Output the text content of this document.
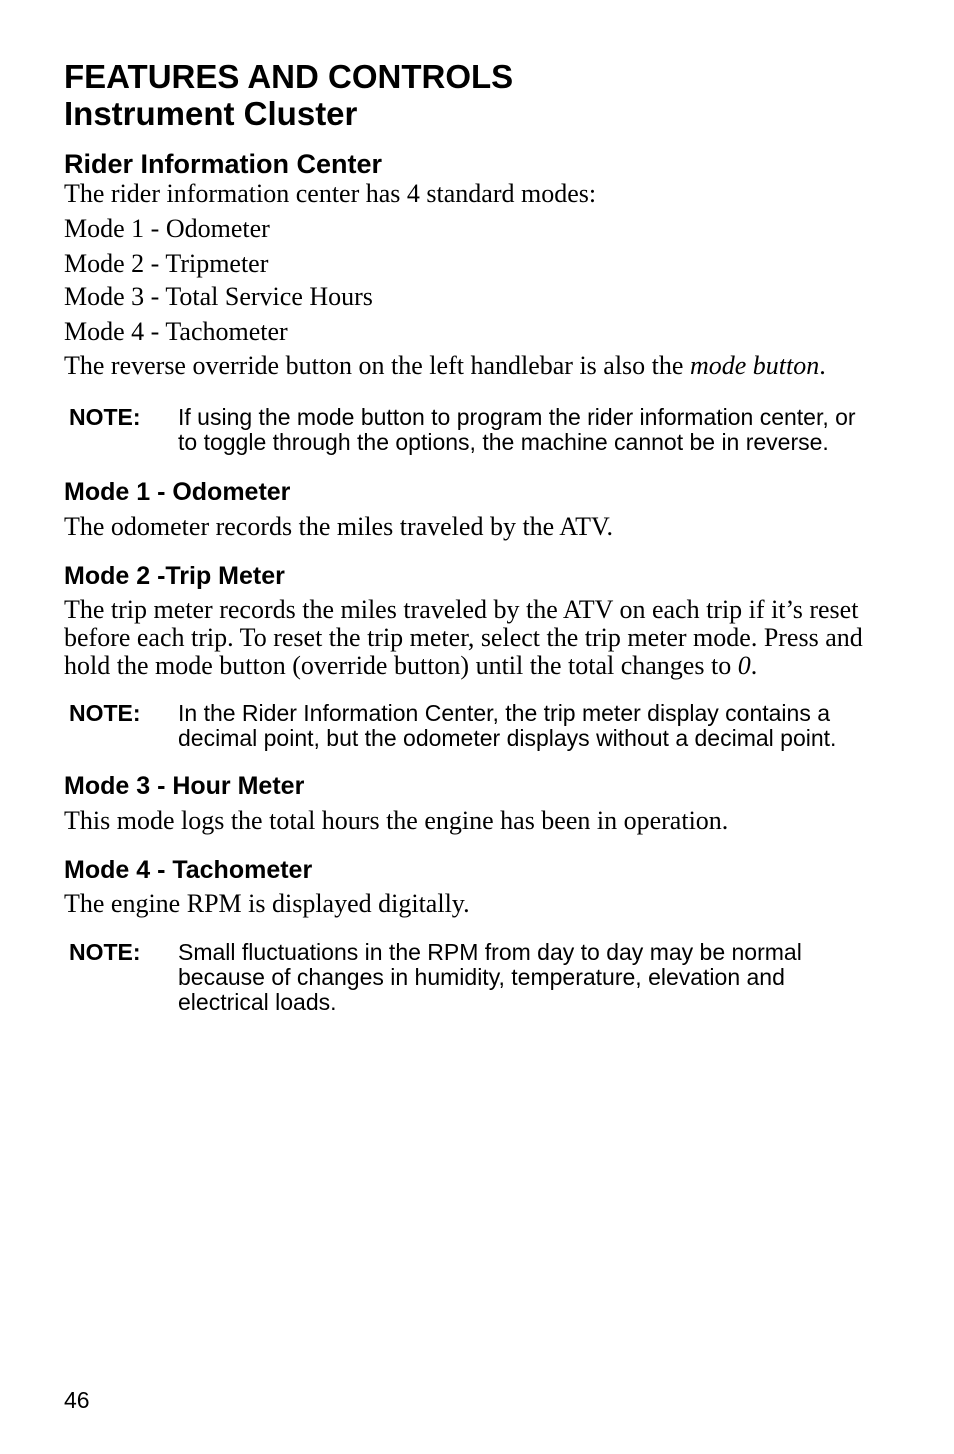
FEATURES AND CONTROLS
Instrument Cluster
Rider Information Center

The rider information center has 4 standard modes:

Mode 1 - Odometer

Mode 2 - Tripmeter

Mode 3 - Total Service Hours

Mode 4 - Tachometer

The reverse override button on the left handlebar is also the mode button.

NOTE:	If using the mode button to program the rider information center, or to toggle through the options, the machine cannot be in reverse.
Mode 1 - Odometer

The odometer records the miles traveled by the ATV.

Mode 2 -Trip Meter

The trip meter records the miles traveled by the ATV on each trip if it’s reset before each trip. To reset the trip meter, select the trip meter mode. Press and hold the mode button (override button) until the total changes to 0.

NOTE:	In the Rider Information Center, the trip meter display contains a decimal point, but the odometer displays without a decimal point.
Mode 3 - Hour Meter

This mode logs the total hours the engine has been in operation.

Mode 4 - Tachometer

The engine RPM is displayed digitally.

NOTE:	Small fluctuations in the RPM from day to day may be normal because of changes in humidity, temperature, elevation and electrical loads.
46
